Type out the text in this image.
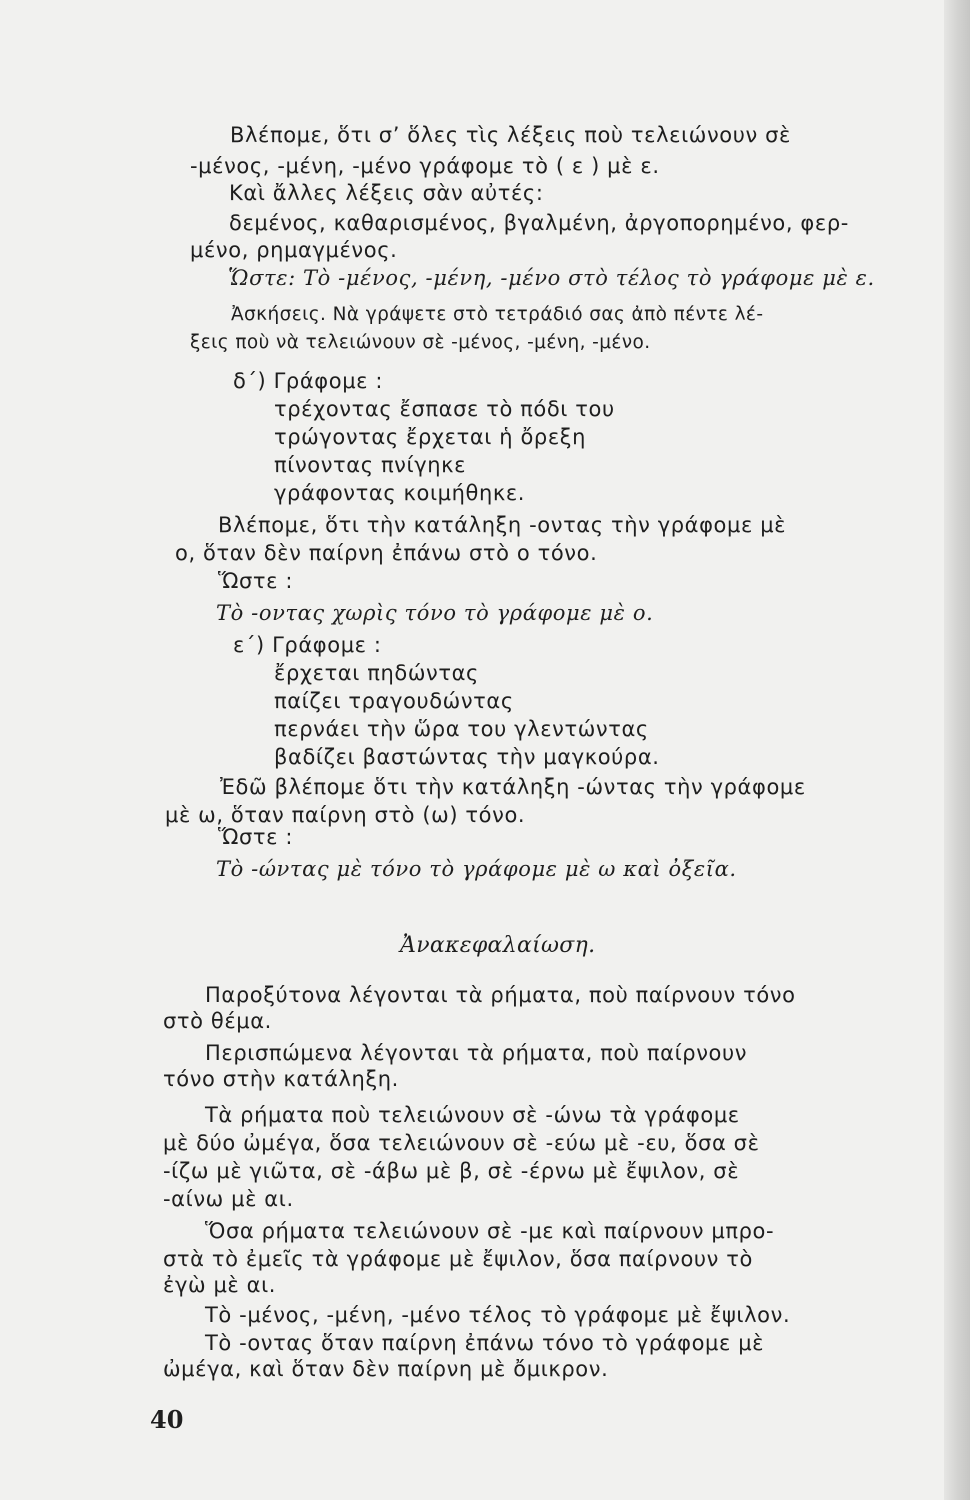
Βλέπομε, ὅτι σ’ ὅλες τὶς λέξεις ποὺ τελειώνουν σὲ
-μένος, -μένη, -μένο γράφομε τὸ ( ε ) μὲ ε.
Καὶ ἄλλες λέξεις σὰν αὐτές:
δεμένος, καθαρισμένος, βγαλμένη, ἀργοπορημένο, φερ-
μένο, ρημαγμένος.
Ὥστε: Τὸ -μένος, -μένη, -μένο στὸ τέλος τὸ γράφομε μὲ ε.
Ἀσκήσεις. Νὰ γράψετε στὸ τετράδιό σας ἀπὸ πέντε λέ-
ξεις ποὺ νὰ τελειώνουν σὲ -μένος, -μένη, -μένο.
δ΄) Γράφομε :
τρέχοντας ἔσπασε τὸ πόδι του
τρώγοντας ἔρχεται ἡ ὄρεξη
πίνοντας πνίγηκε
γράφοντας κοιμήθηκε.
Βλέπομε, ὅτι τὴν κατάληξη -οντας τὴν γράφομε μὲ
ο, ὅταν δὲν παίρνη ἐπάνω στὸ ο τόνο.
Ὥστε :
Τὸ -οντας χωρὶς τόνο τὸ γράφομε μὲ ο.
ε΄) Γράφομε :
ἔρχεται πηδώντας
παίζει τραγουδώντας
περνάει τὴν ὥρα του γλεντώντας
βαδίζει βαστώντας τὴν μαγκούρα.
Ἐδῶ βλέπομε ὅτι τὴν κατάληξη -ώντας τὴν γράφομε
μὲ ω, ὅταν παίρνη στὸ (ω) τόνο.
Ὥστε :
Τὸ -ώντας μὲ τόνο τὸ γράφομε μὲ ω καὶ ὀξεῖα.
Ἀνακεφαλαίωση.
Παροξύτονα λέγονται τὰ ρήματα, ποὺ παίρνουν τόνο
στὸ θέμα.
Περισπώμενα λέγονται τὰ ρήματα, ποὺ παίρνουν
τόνο στὴν κατάληξη.
Τὰ ρήματα ποὺ τελειώνουν σὲ -ώνω τὰ γράφομε
μὲ δύο ὠμέγα, ὅσα τελειώνουν σὲ -εύω μὲ -ευ, ὅσα σὲ
-ίζω μὲ γιῶτα, σὲ -άβω μὲ β, σὲ -έρνω μὲ ἔψιλον, σὲ
-αίνω μὲ αι.
Ὅσα ρήματα τελειώνουν σὲ -με καὶ παίρνουν μπρο-
στὰ τὸ ἐμεῖς τὰ γράφομε μὲ ἔψιλον, ὅσα παίρνουν τὸ
ἐγὼ μὲ αι.
Τὸ -μένος, -μένη, -μένο τέλος τὸ γράφομε μὲ ἔψιλον.
Τὸ -οντας ὅταν παίρνη ἐπάνω τόνο τὸ γράφομε μὲ
ὠμέγα, καὶ ὅταν δὲν παίρνη μὲ ὄμικρον.
40
